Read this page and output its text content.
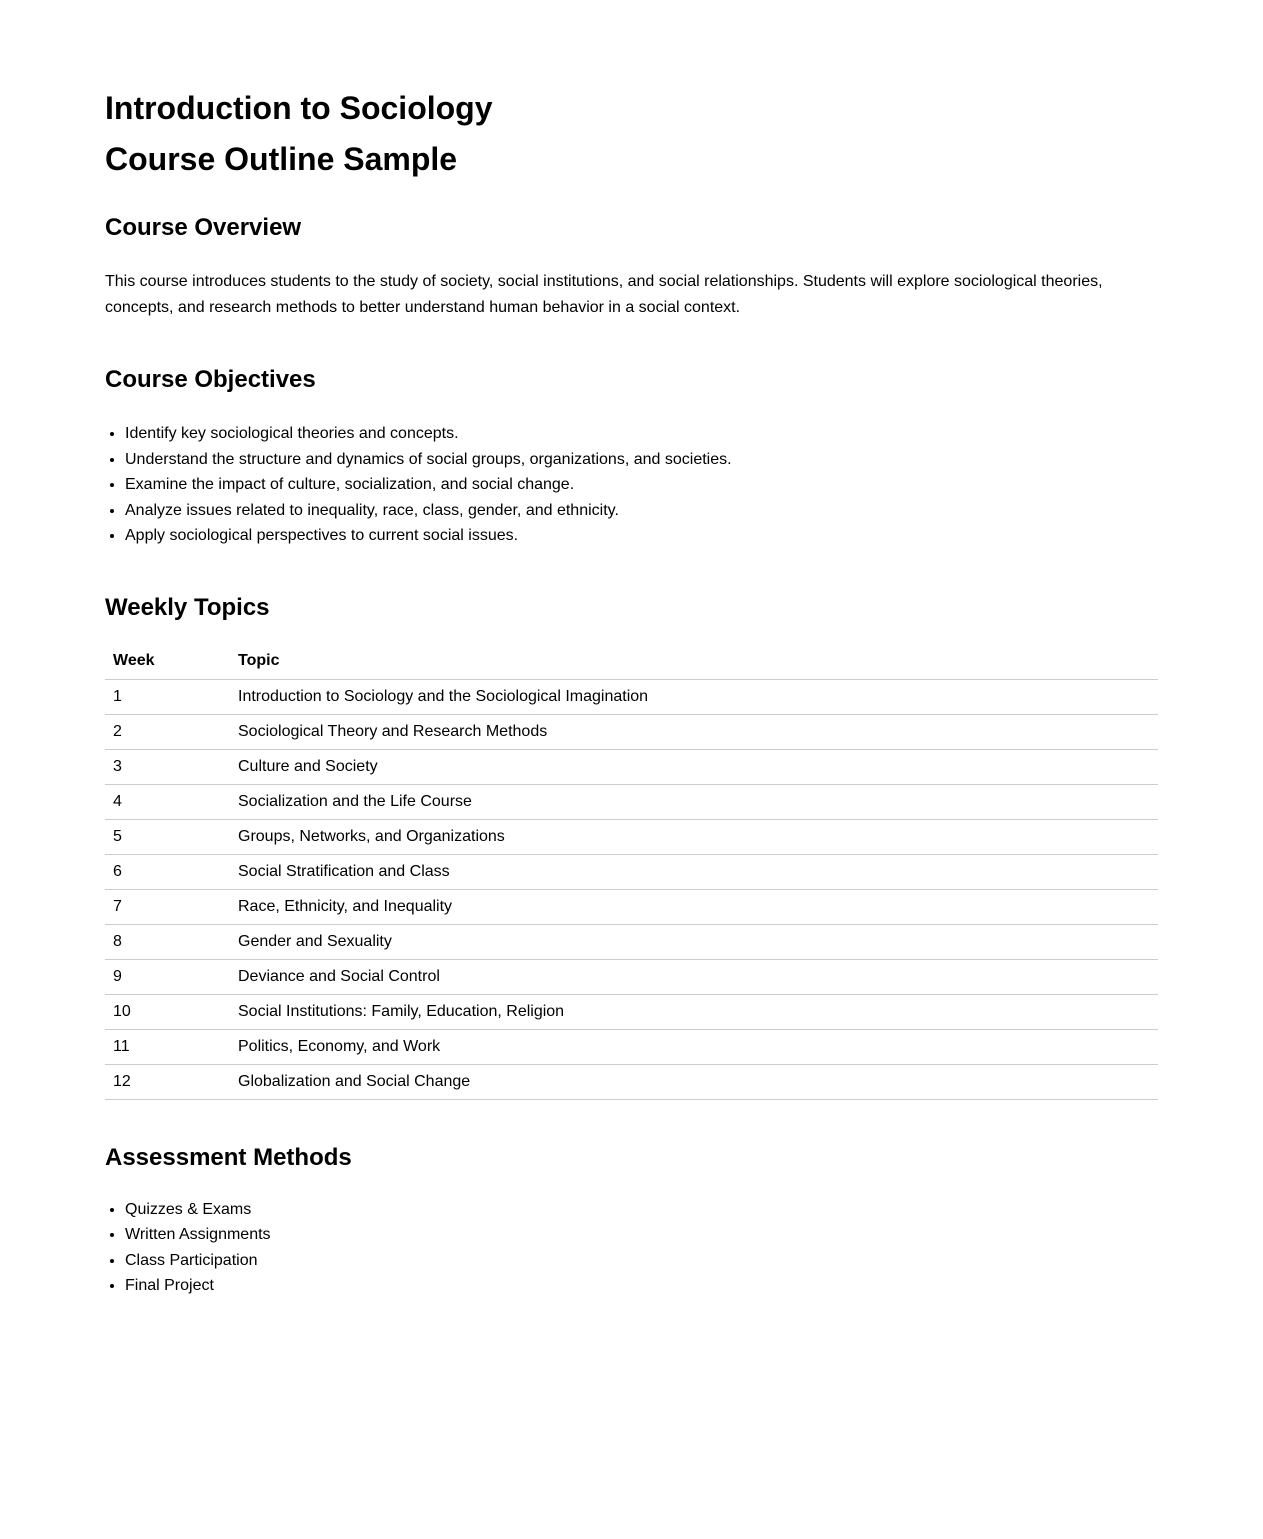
Introduction to Sociology
Course Outline Sample
Course Overview

This course introduces students to the study of society, social institutions, and social relationships. Students will explore sociological theories, concepts, and research methods to better understand human behavior in a social context.

Course Objectives
• Identify key sociological theories and concepts.
• Understand the structure and dynamics of social groups, organizations, and societies.
• Examine the impact of culture, socialization, and social change.
• Analyze issues related to inequality, race, class, gender, and ethnicity.
• Apply sociological perspectives to current social issues.
Weekly Topics
Week	Topic
1	Introduction to Sociology and the Sociological Imagination
2	Sociological Theory and Research Methods
3	Culture and Society
4	Socialization and the Life Course
5	Groups, Networks, and Organizations
6	Social Stratification and Class
7	Race, Ethnicity, and Inequality
8	Gender and Sexuality
9	Deviance and Social Control
10	Social Institutions: Family, Education, Religion
11	Politics, Economy, and Work
12	Globalization and Social Change
Assessment Methods
• Quizzes & Exams
• Written Assignments
• Class Participation
• Final Project
